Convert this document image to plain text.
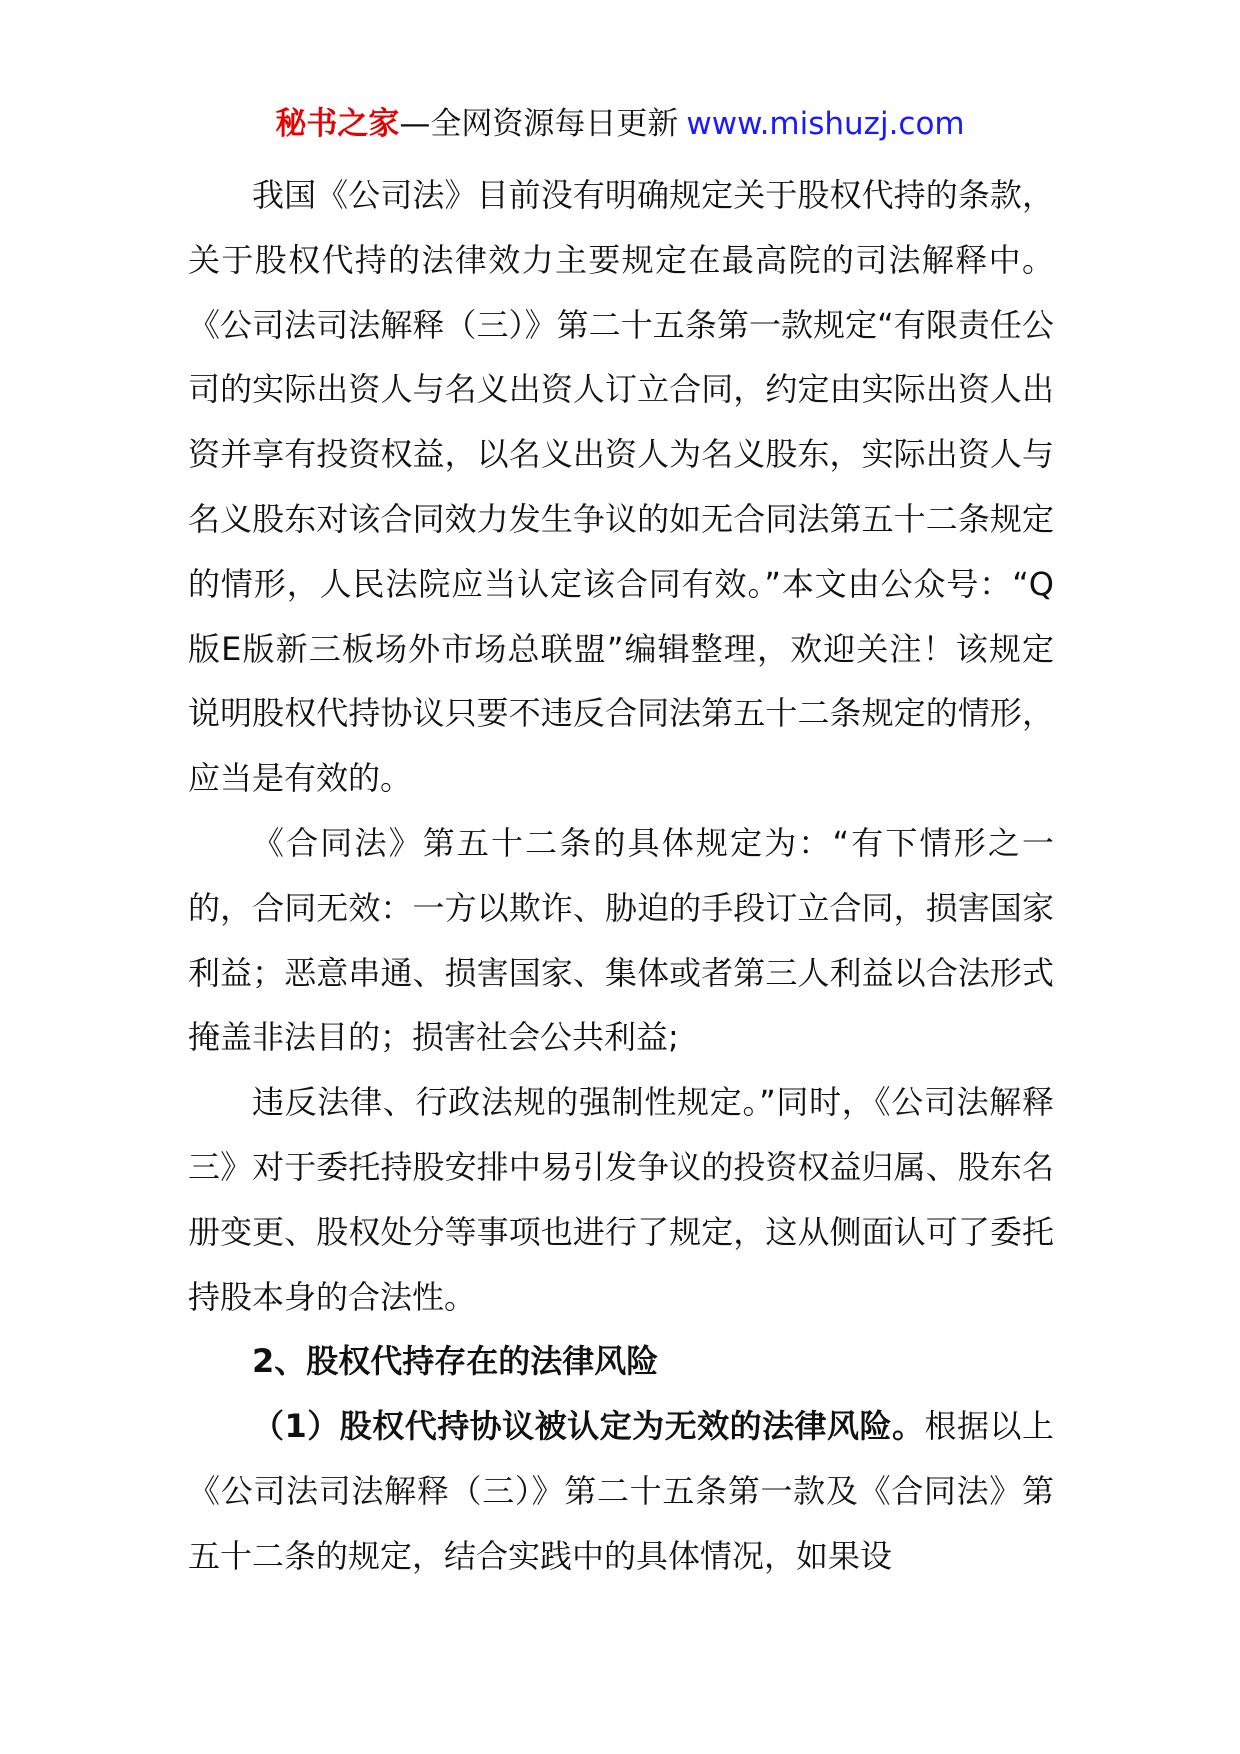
秘书之家—全网资源每日更新 www.mishuzj.com

我国《公司法》目前没有明确规定关于股权代持的条款，关于股权代持的法律效力主要规定在最高院的司法解释中。《公司法司法解释（三）》第二十五条第一款规定“有限责任公司的实际出资人与名义出资人订立合同，约定由实际出资人出资并享有投资权益，以名义出资人为名义股东，实际出资人与名义股东对该合同效力发生争议的如无合同法第五十二条规定的情形，人民法院应当认定该合同有效。”本文由公众号：“Q版E版新三板场外市场总联盟”编辑整理，欢迎关注！该规定说明股权代持协议只要不违反合同法第五十二条规定的情形，应当是有效的。

《合同法》第五十二条的具体规定为：“有下情形之一的，合同无效：一方以欺诈、胁迫的手段订立合同，损害国家利益；恶意串通、损害国家、集体或者第三人利益以合法形式掩盖非法目的；损害社会公共利益;

违反法律、行政法规的强制性规定。”同时，《公司法解释三》对于委托持股安排中易引发争议的投资权益归属、股东名册变更、股权处分等事项也进行了规定，这从侧面认可了委托持股本身的合法性。

2、股权代持存在的法律风险

（1）股权代持协议被认定为无效的法律风险。根据以上《公司法司法解释（三）》第二十五条第一款及《合同法》第五十二条的规定，结合实践中的具体情况，如果设
